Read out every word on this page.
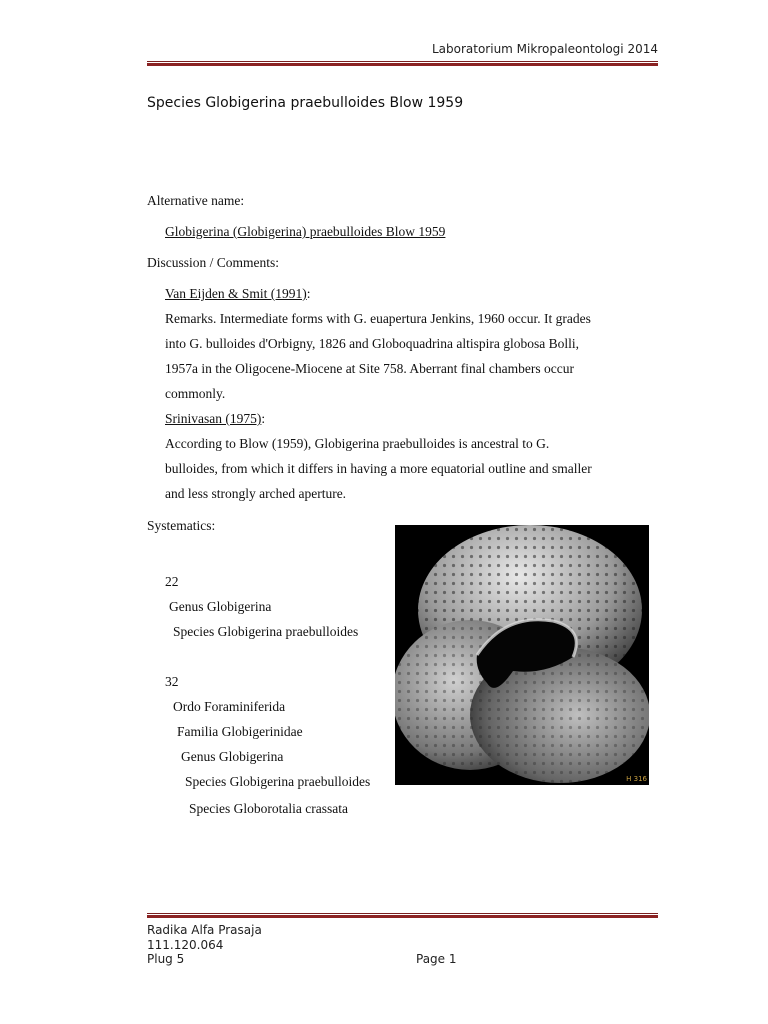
Laboratorium Mikropaleontologi 2014
Species Globigerina praebulloides Blow 1959
Alternative name:
Globigerina (Globigerina) praebulloides Blow 1959
Discussion / Comments:
Van Eijden & Smit (1991):
Remarks. Intermediate forms with G. euapertura Jenkins, 1960 occur. It grades
into G. bulloides d'Orbigny, 1826 and Globoquadrina altispira globosa Bolli,
1957a in the Oligocene-Miocene at Site 758. Aberrant final chambers occur
commonly.
Srinivasan (1975):
According to Blow (1959), Globigerina praebulloides is ancestral to G.
bulloides, from which it differs in having a more equatorial outline and smaller
and less strongly arched aperture.
Systematics:
22
Genus Globigerina
Species Globigerina praebulloides
32
Ordo Foraminiferida
Familia Globigerinidae
Genus Globigerina
Species Globigerina praebulloides
Species Globorotalia crassata
H 316
Radika Alfa Prasaja
111.120.064
Plug 5	Page 1
